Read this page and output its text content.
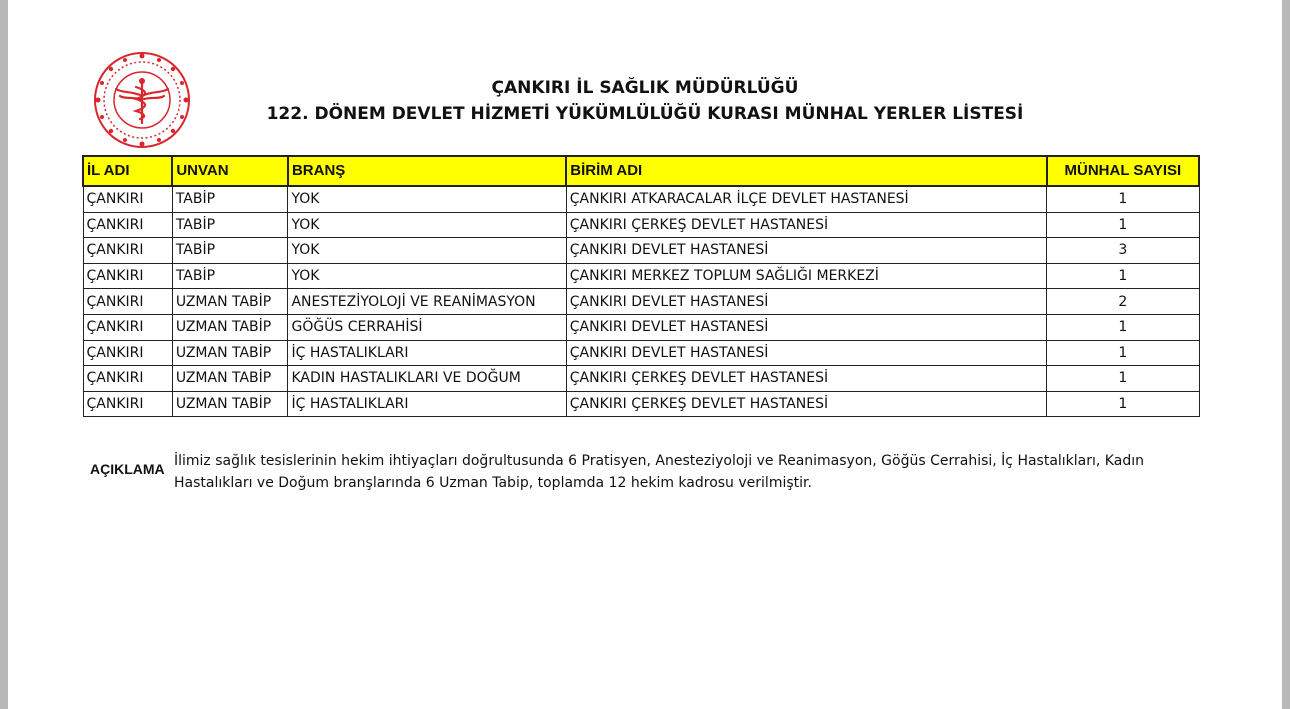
ÇANKIRI İL SAĞLIK MÜDÜRLÜĞÜ
122. DÖNEM DEVLET HİZMETİ YÜKÜMLÜLÜĞÜ KURASI MÜNHAL YERLER LİSTESİ
İL ADI	UNVAN	BRANŞ	BİRİM ADI	MÜNHAL SAYISI
ÇANKIRI	TABİP	YOK	ÇANKIRI ATKARACALAR İLÇE DEVLET HASTANESİ	1
ÇANKIRI	TABİP	YOK	ÇANKIRI ÇERKEŞ DEVLET HASTANESİ	1
ÇANKIRI	TABİP	YOK	ÇANKIRI DEVLET HASTANESİ	3
ÇANKIRI	TABİP	YOK	ÇANKIRI MERKEZ TOPLUM SAĞLIĞI MERKEZİ	1
ÇANKIRI	UZMAN TABİP	ANESTEZİYOLOJİ VE REANİMASYON	ÇANKIRI DEVLET HASTANESİ	2
ÇANKIRI	UZMAN TABİP	GÖĞÜS CERRAHİSİ	ÇANKIRI DEVLET HASTANESİ	1
ÇANKIRI	UZMAN TABİP	İÇ HASTALIKLARI	ÇANKIRI DEVLET HASTANESİ	1
ÇANKIRI	UZMAN TABİP	KADIN HASTALIKLARI VE DOĞUM	ÇANKIRI ÇERKEŞ DEVLET HASTANESİ	1
ÇANKIRI	UZMAN TABİP	İÇ HASTALIKLARI	ÇANKIRI ÇERKEŞ DEVLET HASTANESİ	1
AÇIKLAMA İlimiz sağlık tesislerinin hekim ihtiyaçları doğrultusunda 6 Pratisyen, Anesteziyoloji ve Reanimasyon, Göğüs Cerrahisi, İç Hastalıkları, Kadın Hastalıkları ve Doğum branşlarında 6 Uzman Tabip, toplamda 12 hekim kadrosu verilmiştir.
